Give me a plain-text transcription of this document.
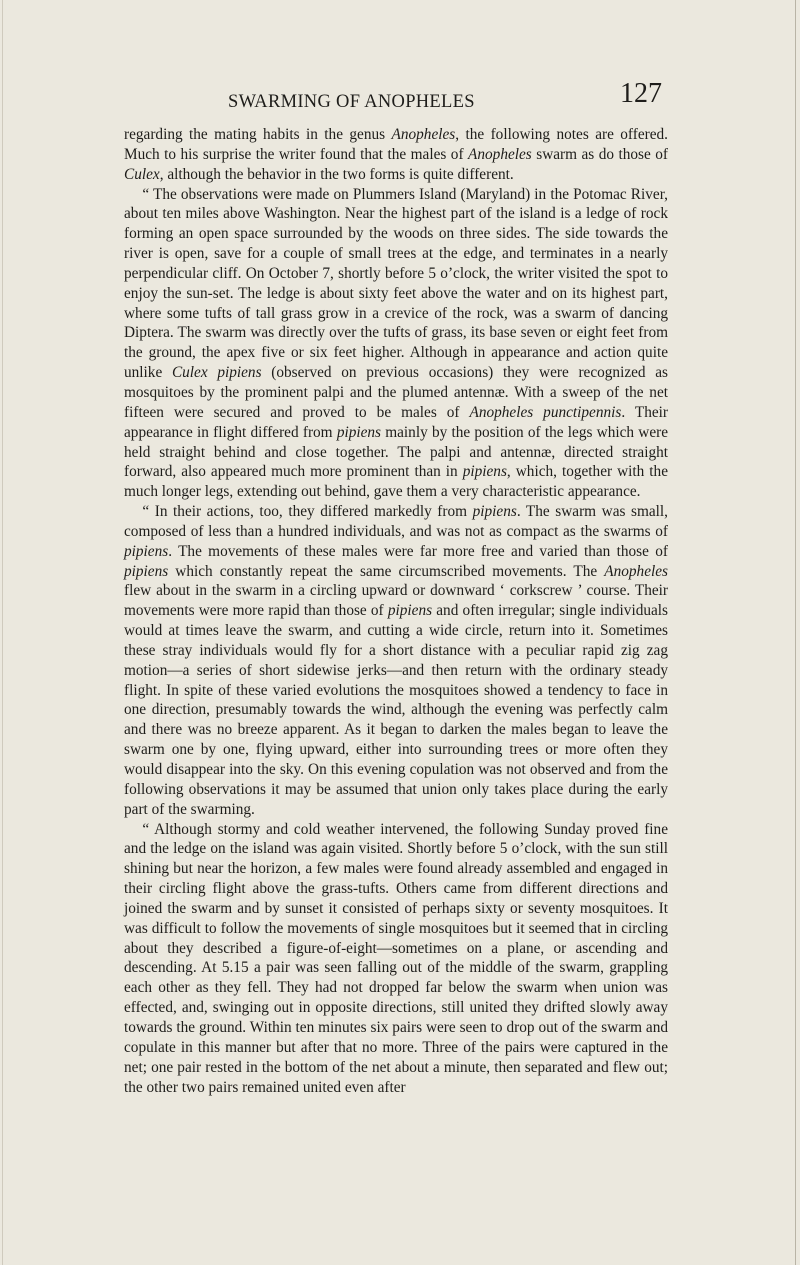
SWARMING OF ANOPHELES	127

regarding the mating habits in the genus Anopheles, the following notes are offered. Much to his surprise the writer found that the males of Anopheles swarm as do those of Culex, although the behavior in the two forms is quite different.

“ The observations were made on Plummers Island (Maryland) in the Potomac River, about ten miles above Washington. Near the highest part of the island is a ledge of rock forming an open space surrounded by the woods on three sides. The side towards the river is open, save for a couple of small trees at the edge, and terminates in a nearly perpendicular cliff. On October 7, shortly before 5 o’clock, the writer visited the spot to enjoy the sun-set. The ledge is about sixty feet above the water and on its highest part, where some tufts of tall grass grow in a crevice of the rock, was a swarm of dancing Diptera. The swarm was directly over the tufts of grass, its base seven or eight feet from the ground, the apex five or six feet higher. Although in appearance and action quite unlike Culex pipiens (observed on previous occasions) they were recognized as mosquitoes by the prominent palpi and the plumed antennæ. With a sweep of the net fifteen were secured and proved to be males of Anopheles punctipennis. Their appearance in flight differed from pipiens mainly by the position of the legs which were held straight behind and close together. The palpi and antennæ, directed straight forward, also appeared much more prominent than in pipiens, which, together with the much longer legs, extending out behind, gave them a very characteristic appearance.

“ In their actions, too, they differed markedly from pipiens. The swarm was small, composed of less than a hundred individuals, and was not as compact as the swarms of pipiens. The movements of these males were far more free and varied than those of pipiens which constantly repeat the same circumscribed movements. The Anopheles flew about in the swarm in a circling upward or downward ‘ corkscrew ’ course. Their movements were more rapid than those of pipiens and often irregular; single individuals would at times leave the swarm, and cutting a wide circle, return into it. Sometimes these stray individuals would fly for a short distance with a peculiar rapid zig zag motion—a series of short sidewise jerks—and then return with the ordinary steady flight. In spite of these varied evolutions the mosquitoes showed a tendency to face in one direction, presumably towards the wind, although the evening was perfectly calm and there was no breeze apparent. As it began to darken the males began to leave the swarm one by one, flying upward, either into surrounding trees or more often they would disappear into the sky. On this evening copulation was not observed and from the following observations it may be assumed that union only takes place during the early part of the swarming.

“ Although stormy and cold weather intervened, the following Sunday proved fine and the ledge on the island was again visited. Shortly before 5 o’clock, with the sun still shining but near the horizon, a few males were found already assembled and engaged in their circling flight above the grass-tufts. Others came from different directions and joined the swarm and by sunset it consisted of perhaps sixty or seventy mosquitoes. It was difficult to follow the movements of single mosquitoes but it seemed that in circling about they described a figure-of-eight—sometimes on a plane, or ascending and descending. At 5.15 a pair was seen falling out of the middle of the swarm, grappling each other as they fell. They had not dropped far below the swarm when union was effected, and, swinging out in opposite directions, still united they drifted slowly away towards the ground. Within ten minutes six pairs were seen to drop out of the swarm and copulate in this manner but after that no more. Three of the pairs were captured in the net; one pair rested in the bottom of the net about a minute, then separated and flew out; the other two pairs remained united even after
